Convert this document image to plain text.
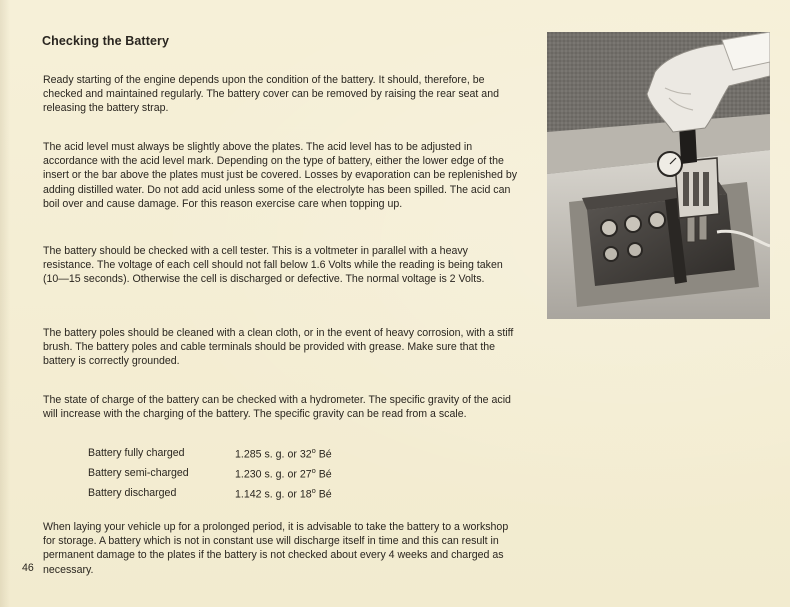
Checking the Battery

Ready starting of the engine depends upon the condition of the battery. It should, therefore, be checked and maintained regularly. The battery cover can be removed by raising the rear seat and releasing the battery strap.

The acid level must always be slightly above the plates. The acid level has to be adjusted in accordance with the acid level mark. Depending on the type of battery, either the lower edge of the insert or the bar above the plates must just be covered. Losses by evaporation can be replenished by adding distilled water. Do not add acid unless some of the electrolyte has been spilled. The acid can boil over and cause damage. For this reason exercise care when topping up.

The battery should be checked with a cell tester. This is a voltmeter in parallel with a heavy resistance. The voltage of each cell should not fall below 1.6 Volts while the reading is being taken (10—15 seconds). Otherwise the cell is discharged or defective. The normal voltage is 2 Volts.

The battery poles should be cleaned with a clean cloth, or in the event of heavy corrosion, with a stiff brush. The battery poles and cable terminals should be provided with grease. Make sure that the battery is correctly grounded.

The state of charge of the battery can be checked with a hydrometer. The specific gravity of the acid will increase with the charging of the battery. The specific gravity can be read from a scale.

Battery fully charged	1.285 s. g. or 32$^o$ Bé
Battery semi-charged	1.230 s. g. or 27$^o$ Bé
Battery discharged	1.142 s. g. or 18$^o$ Bé

When laying your vehicle up for a prolonged period, it is advisable to take the battery to a workshop for storage. A battery which is not in constant use will discharge itself in time and this can result in permanent damage to the plates if the battery is not checked about every 4 weeks and charged as necessary.

46
